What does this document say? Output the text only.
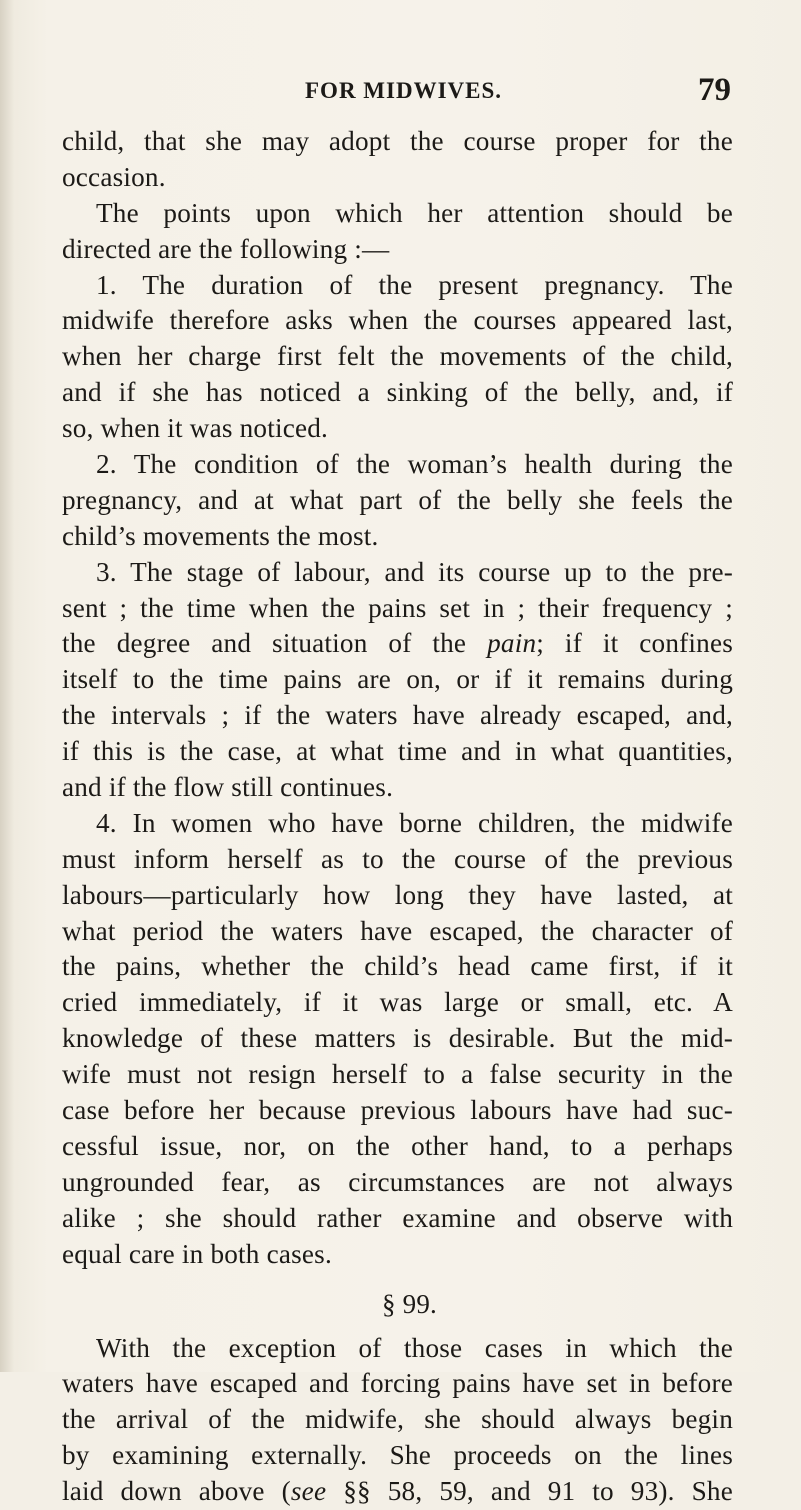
FOR MIDWIVES.	79
child, that she may adopt the course proper for the
occasion.
The points upon which her attention should be
directed are the following :—
1. The duration of the present pregnancy. The
midwife therefore asks when the courses appeared last,
when her charge first felt the movements of the child,
and if she has noticed a sinking of the belly, and, if
so, when it was noticed.
2. The condition of the woman’s health during the
pregnancy, and at what part of the belly she feels the
child’s movements the most.
3. The stage of labour, and its course up to the pre-
sent ; the time when the pains set in ; their frequency ;
the degree and situation of the pain; if it confines
itself to the time pains are on, or if it remains during
the intervals ; if the waters have already escaped, and,
if this is the case, at what time and in what quantities,
and if the flow still continues.
4. In women who have borne children, the midwife
must inform herself as to the course of the previous
labours—particularly how long they have lasted, at
what period the waters have escaped, the character of
the pains, whether the child’s head came first, if it
cried immediately, if it was large or small, etc. A
knowledge of these matters is desirable. But the mid-
wife must not resign herself to a false security in the
case before her because previous labours have had suc-
cessful issue, nor, on the other hand, to a perhaps
ungrounded fear, as circumstances are not always
alike ; she should rather examine and observe with
equal care in both cases.
§ 99.
With the exception of those cases in which the
waters have escaped and forcing pains have set in before
the arrival of the midwife, she should always begin
by examining externally. She proceeds on the lines
laid down above (see §§ 58, 59, and 91 to 93). She
